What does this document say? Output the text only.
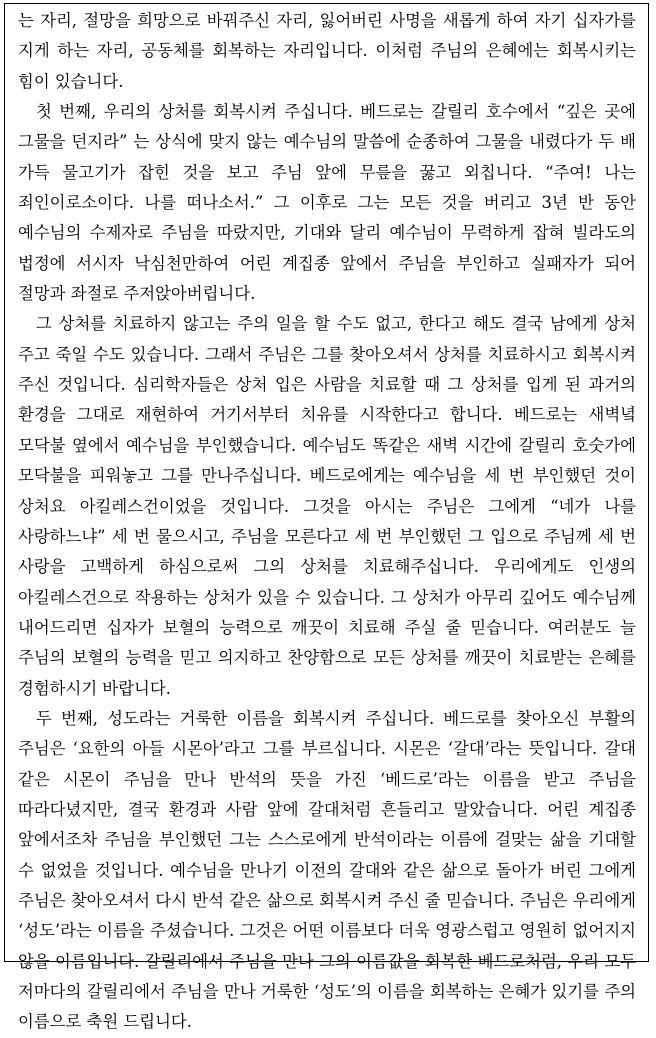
는 자리, 절망을 희망으로 바꿔주신 자리, 잃어버린 사명을 새롭게 하여 자기 십자가를 지게 하는 자리, 공동체를 회복하는 자리입니다. 이처럼 주님의 은혜에는 회복시키는 힘이 있습니다.

첫 번째, 우리의 상처를 회복시켜 주십니다. 베드로는 갈릴리 호수에서 “깊은 곳에 그물을 던지라” 는 상식에 맞지 않는 예수님의 말씀에 순종하여 그물을 내렸다가 두 배 가득 물고기가 잡힌 것을 보고 주님 앞에 무릎을 꿇고 외칩니다. “주여! 나는 죄인이로소이다. 나를 떠나소서.” 그 이후로 그는 모든 것을 버리고 3년 반 동안 예수님의 수제자로 주님을 따랐지만, 기대와 달리 예수님이 무력하게 잡혀 빌라도의 법정에 서시자 낙심천만하여 어린 계집종 앞에서 주님을 부인하고 실패자가 되어 절망과 좌절로 주저앉아버립니다.

그 상처를 치료하지 않고는 주의 일을 할 수도 없고, 한다고 해도 결국 남에게 상처 주고 죽일 수도 있습니다. 그래서 주님은 그를 찾아오셔서 상처를 치료하시고 회복시켜 주신 것입니다. 심리학자들은 상처 입은 사람을 치료할 때 그 상처를 입게 된 과거의 환경을 그대로 재현하여 거기서부터 치유를 시작한다고 합니다. 베드로는 새벽녘 모닥불 옆에서 예수님을 부인했습니다. 예수님도 똑같은 새벽 시간에 갈릴리 호숫가에 모닥불을 피워놓고 그를 만나주십니다. 베드로에게는 예수님을 세 번 부인했던 것이 상처요 아킬레스건이었을 것입니다. 그것을 아시는 주님은 그에게 “네가 나를 사랑하느냐” 세 번 물으시고, 주님을 모른다고 세 번 부인했던 그 입으로 주님께 세 번 사랑을 고백하게 하심으로써 그의 상처를 치료해주십니다. 우리에게도 인생의 아킬레스건으로 작용하는 상처가 있을 수 있습니다. 그 상처가 아무리 깊어도 예수님께 내어드리면 십자가 보혈의 능력으로 깨끗이 치료해 주실 줄 믿습니다. 여러분도 늘 주님의 보혈의 능력을 믿고 의지하고 찬양함으로 모든 상처를 깨끗이 치료받는 은혜를 경험하시기 바랍니다.

두 번째, 성도라는 거룩한 이름을 회복시켜 주십니다. 베드로를 찾아오신 부활의 주님은 ‘요한의 아들 시몬아’라고 그를 부르십니다. 시몬은 ‘갈대’라는 뜻입니다. 갈대 같은 시몬이 주님을 만나 반석의 뜻을 가진 ‘베드로’라는 이름을 받고 주님을 따라다녔지만, 결국 환경과 사람 앞에 갈대처럼 흔들리고 말았습니다. 어린 계집종 앞에서조차 주님을 부인했던 그는 스스로에게 반석이라는 이름에 걸맞는 삶을 기대할 수 없었을 것입니다. 예수님을 만나기 이전의 갈대와 같은 삶으로 돌아가 버린 그에게 주님은 찾아오셔서 다시 반석 같은 삶으로 회복시켜 주신 줄 믿습니다. 주님은 우리에게 ‘성도’라는 이름을 주셨습니다. 그것은 어떤 이름보다 더욱 영광스럽고 영원히 없어지지 않을 이름입니다. 갈릴리에서 주님을 만나 그의 이름값을 회복한 베드로처럼, 우리 모두 저마다의 갈릴리에서 주님을 만나 거룩한 ‘성도’의 이름을 회복하는 은혜가 있기를 주의 이름으로 축원 드립니다.
